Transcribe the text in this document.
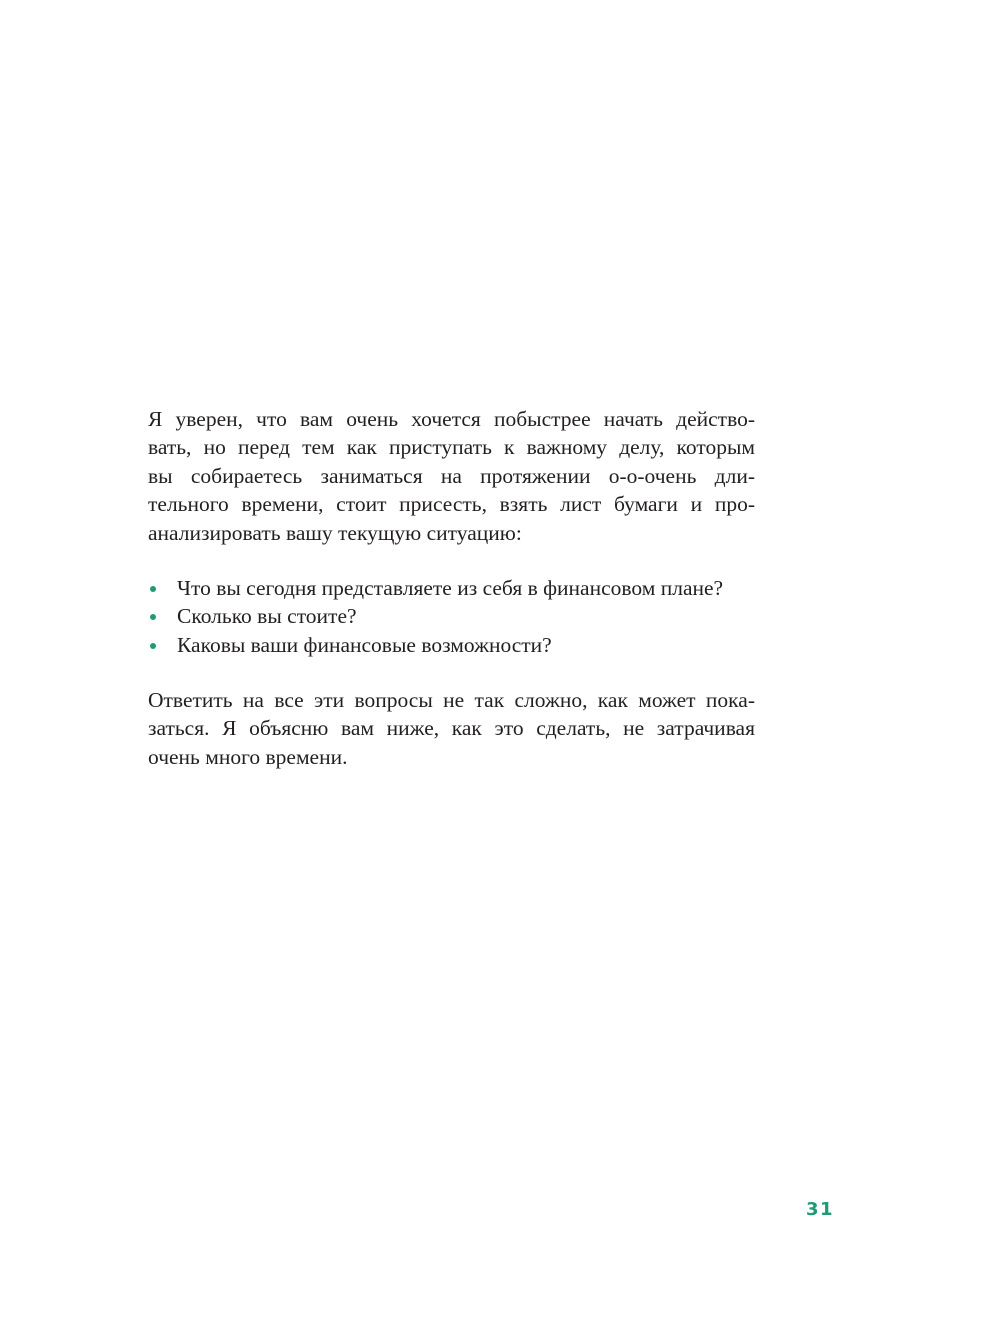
Я уверен, что вам очень хочется побыстрее начать действо-
вать, но перед тем как приступать к важному делу, которым
вы собираетесь заниматься на протяжении о-о-очень дли-
тельного времени, стоит присесть, взять лист бумаги и про-
анализировать вашу текущую ситуацию:
Что вы сегодня представляете из себя в финансовом плане?
Сколько вы стоите?
Каковы ваши финансовые возможности?
Ответить на все эти вопросы не так сложно, как может пока-
заться. Я объясню вам ниже, как это сделать, не затрачивая
очень много времени.
31
